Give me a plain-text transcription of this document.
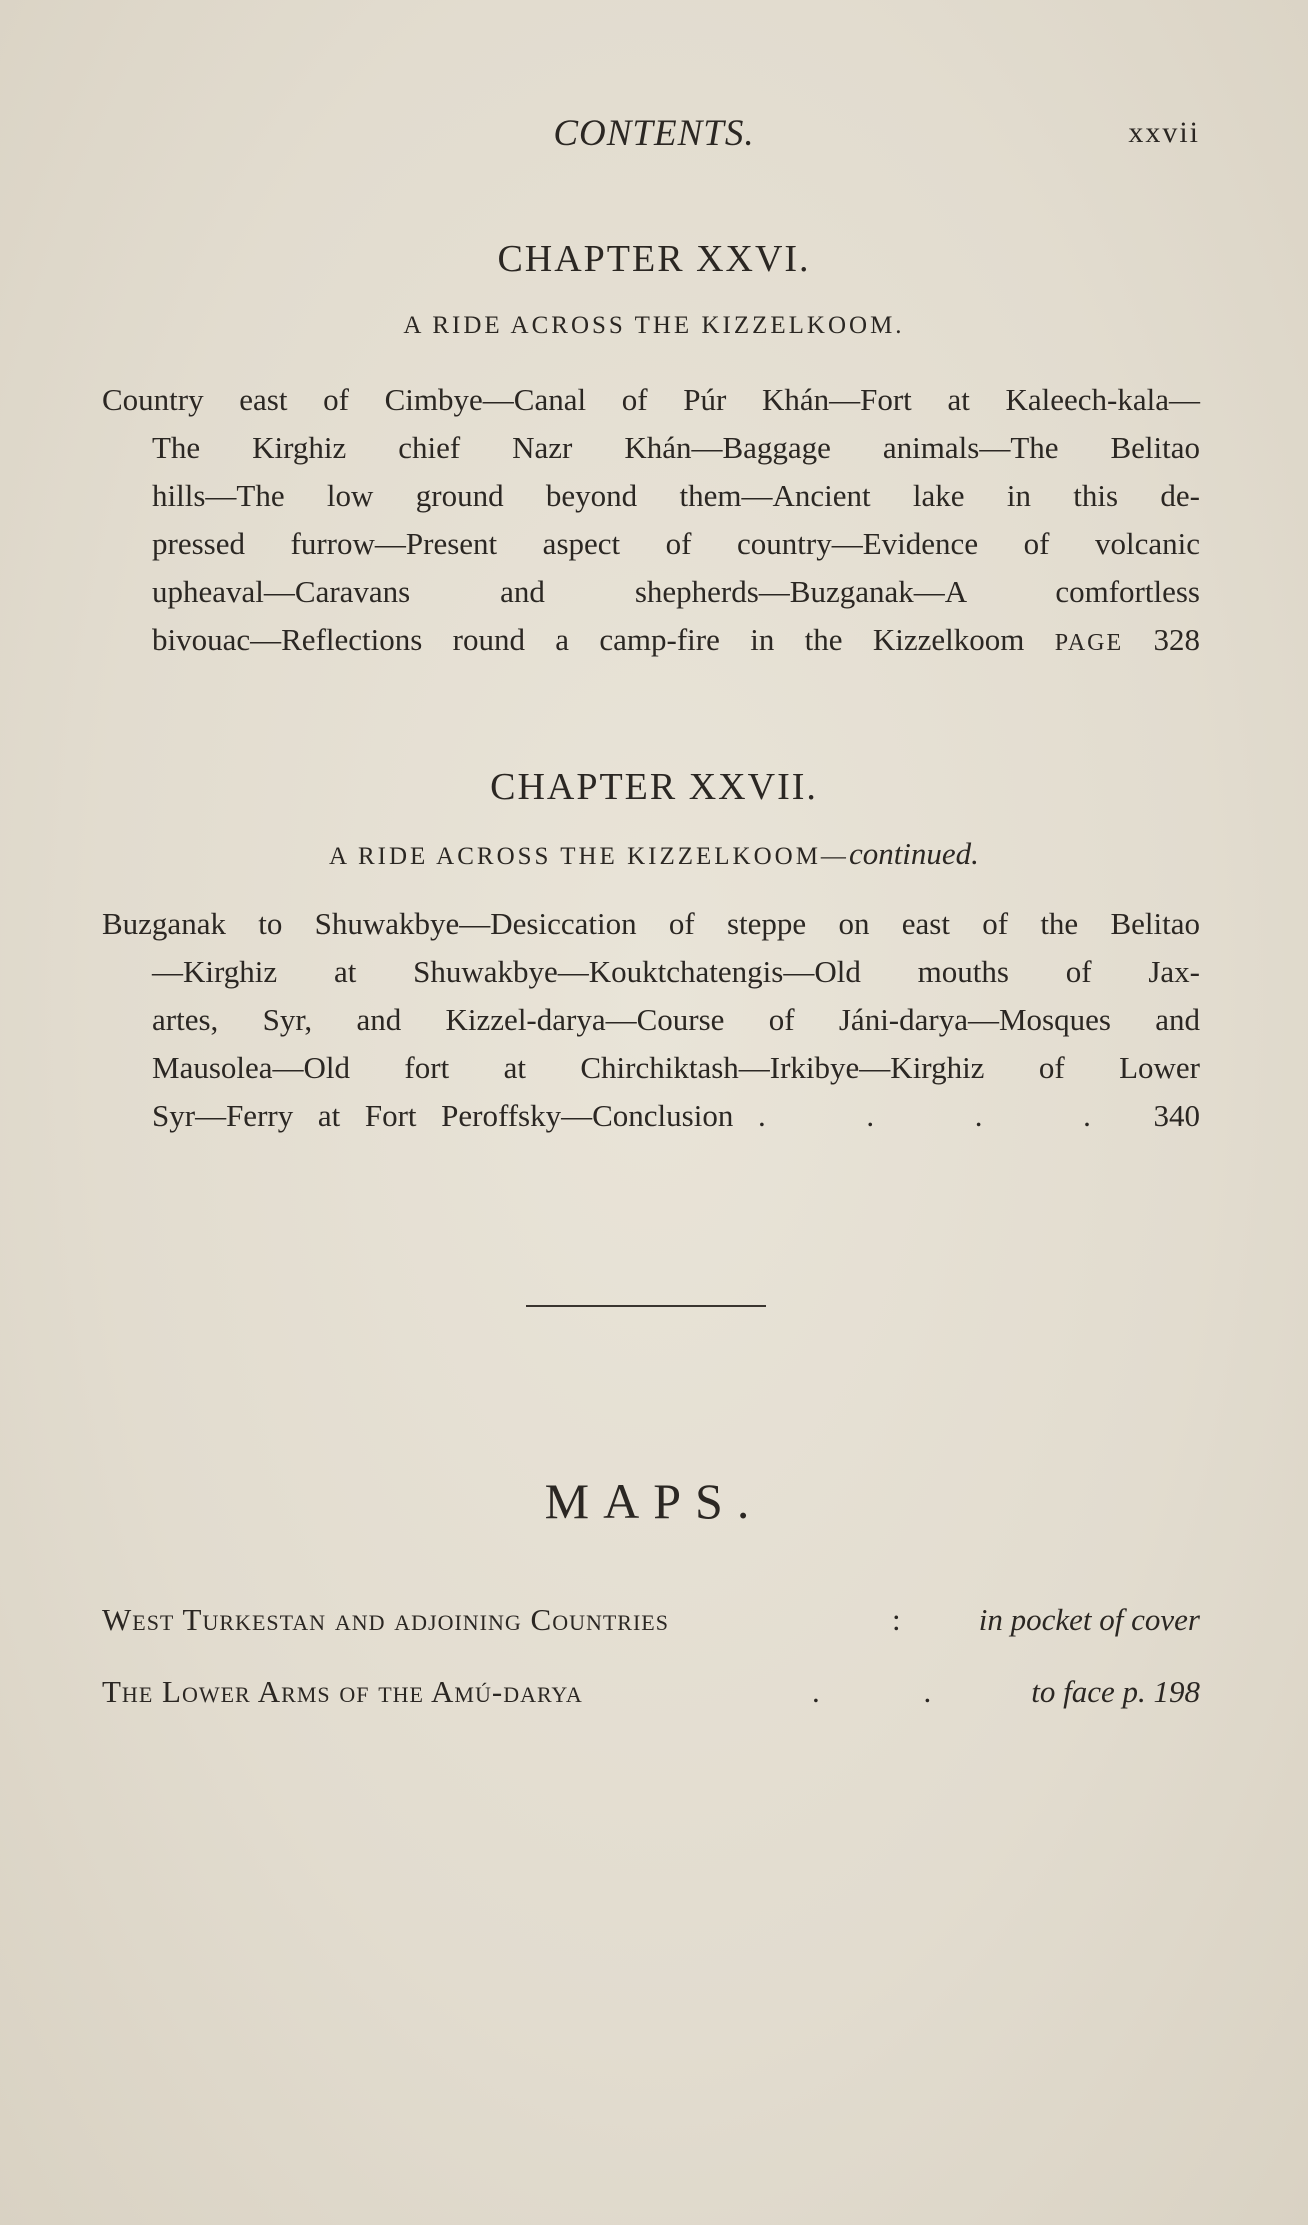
CONTENTS.	xxvii
CHAPTER XXVI.
A RIDE ACROSS THE KIZZELKOOM.
Country east of Cimbye—Canal of Púr Khán—Fort at Kaleech-kala—
The Kirghiz chief Nazr Khán—Baggage animals—The Belitao
hills—The low ground beyond them—Ancient lake in this de-
pressed furrow—Present aspect of country—Evidence of volcanic
upheaval—Caravans and shepherds—Buzganak—A comfortless
bivouac—Reflections round a camp-fire in the Kizzelkoom PAGE 328
CHAPTER XXVII.
A RIDE ACROSS THE KIZZELKOOM—continued.
Buzganak to Shuwakbye—Desiccation of steppe on east of the Belitao
—Kirghiz at Shuwakbye—Kouktchatengis—Old mouths of Jax-
artes, Syr, and Kizzel-darya—Course of Jáni-darya—Mosques and
Mausolea—Old fort at Chirchiktash—Irkibye—Kirghiz of Lower
Syr—Ferry at Fort Peroffsky—Conclusion . . . . 340
MAPS.
West Turkestan and adjoining Countries	:	in pocket of cover
The Lower Arms of the Amú-darya	. . to face p. 198
